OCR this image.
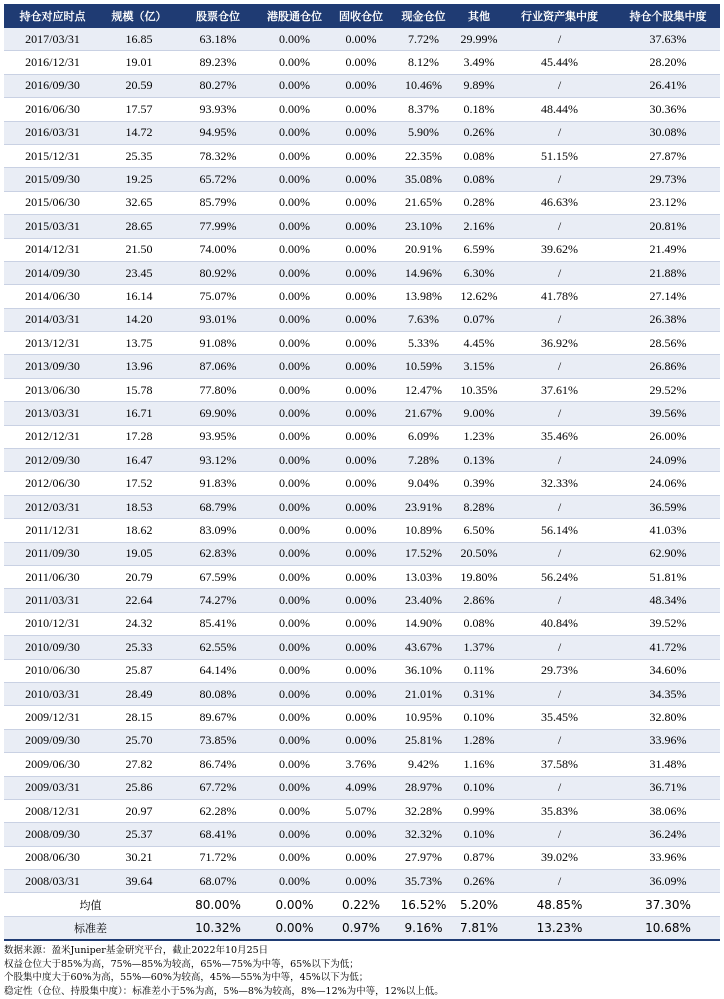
持仓对应时点	规模（亿）	股票仓位	港股通仓位	固收仓位	现金仓位	其他	行业资产集中度	持仓个股集中度
2017/03/31	16.85	63.18%	0.00%	0.00%	7.72%	29.99%	/	37.63%
2016/12/31	19.01	89.23%	0.00%	0.00%	8.12%	3.49%	45.44%	28.20%
2016/09/30	20.59	80.27%	0.00%	0.00%	10.46%	9.89%	/	26.41%
2016/06/30	17.57	93.93%	0.00%	0.00%	8.37%	0.18%	48.44%	30.36%
2016/03/31	14.72	94.95%	0.00%	0.00%	5.90%	0.26%	/	30.08%
2015/12/31	25.35	78.32%	0.00%	0.00%	22.35%	0.08%	51.15%	27.87%
2015/09/30	19.25	65.72%	0.00%	0.00%	35.08%	0.08%	/	29.73%
2015/06/30	32.65	85.79%	0.00%	0.00%	21.65%	0.28%	46.63%	23.12%
2015/03/31	28.65	77.99%	0.00%	0.00%	23.10%	2.16%	/	20.81%
2014/12/31	21.50	74.00%	0.00%	0.00%	20.91%	6.59%	39.62%	21.49%
2014/09/30	23.45	80.92%	0.00%	0.00%	14.96%	6.30%	/	21.88%
2014/06/30	16.14	75.07%	0.00%	0.00%	13.98%	12.62%	41.78%	27.14%
2014/03/31	14.20	93.01%	0.00%	0.00%	7.63%	0.07%	/	26.38%
2013/12/31	13.75	91.08%	0.00%	0.00%	5.33%	4.45%	36.92%	28.56%
2013/09/30	13.96	87.06%	0.00%	0.00%	10.59%	3.15%	/	26.86%
2013/06/30	15.78	77.80%	0.00%	0.00%	12.47%	10.35%	37.61%	29.52%
2013/03/31	16.71	69.90%	0.00%	0.00%	21.67%	9.00%	/	39.56%
2012/12/31	17.28	93.95%	0.00%	0.00%	6.09%	1.23%	35.46%	26.00%
2012/09/30	16.47	93.12%	0.00%	0.00%	7.28%	0.13%	/	24.09%
2012/06/30	17.52	91.83%	0.00%	0.00%	9.04%	0.39%	32.33%	24.06%
2012/03/31	18.53	68.79%	0.00%	0.00%	23.91%	8.28%	/	36.59%
2011/12/31	18.62	83.09%	0.00%	0.00%	10.89%	6.50%	56.14%	41.03%
2011/09/30	19.05	62.83%	0.00%	0.00%	17.52%	20.50%	/	62.90%
2011/06/30	20.79	67.59%	0.00%	0.00%	13.03%	19.80%	56.24%	51.81%
2011/03/31	22.64	74.27%	0.00%	0.00%	23.40%	2.86%	/	48.34%
2010/12/31	24.32	85.41%	0.00%	0.00%	14.90%	0.08%	40.84%	39.52%
2010/09/30	25.33	62.55%	0.00%	0.00%	43.67%	1.37%	/	41.72%
2010/06/30	25.87	64.14%	0.00%	0.00%	36.10%	0.11%	29.73%	34.60%
2010/03/31	28.49	80.08%	0.00%	0.00%	21.01%	0.31%	/	34.35%
2009/12/31	28.15	89.67%	0.00%	0.00%	10.95%	0.10%	35.45%	32.80%
2009/09/30	25.70	73.85%	0.00%	0.00%	25.81%	1.28%	/	33.96%
2009/06/30	27.82	86.74%	0.00%	3.76%	9.42%	1.16%	37.58%	31.48%
2009/03/31	25.86	67.72%	0.00%	4.09%	28.97%	0.10%	/	36.71%
2008/12/31	20.97	62.28%	0.00%	5.07%	32.28%	0.99%	35.83%	38.06%
2008/09/30	25.37	68.41%	0.00%	0.00%	32.32%	0.10%	/	36.24%
2008/06/30	30.21	71.72%	0.00%	0.00%	27.97%	0.87%	39.02%	33.96%
2008/03/31	39.64	68.07%	0.00%	0.00%	35.73%	0.26%	/	36.09%
均值		80.00%	0.00%	0.22%	16.52%	5.20%	48.85%	37.30%
标准差		10.32%	0.00%	0.97%	9.16%	7.81%	13.23%	10.68%
数据来源：盈米Juniper基金研究平台，截止2022年10月25日
权益仓位大于85%为高，75%—85%为较高，65%—75%为中等，65%以下为低；
个股集中度大于60%为高，55%—60%为较高，45%—55%为中等，45%以下为低；
稳定性（仓位、持股集中度）：标准差小于5%为高，5%—8%为较高，8%—12%为中等，12%以上低。
